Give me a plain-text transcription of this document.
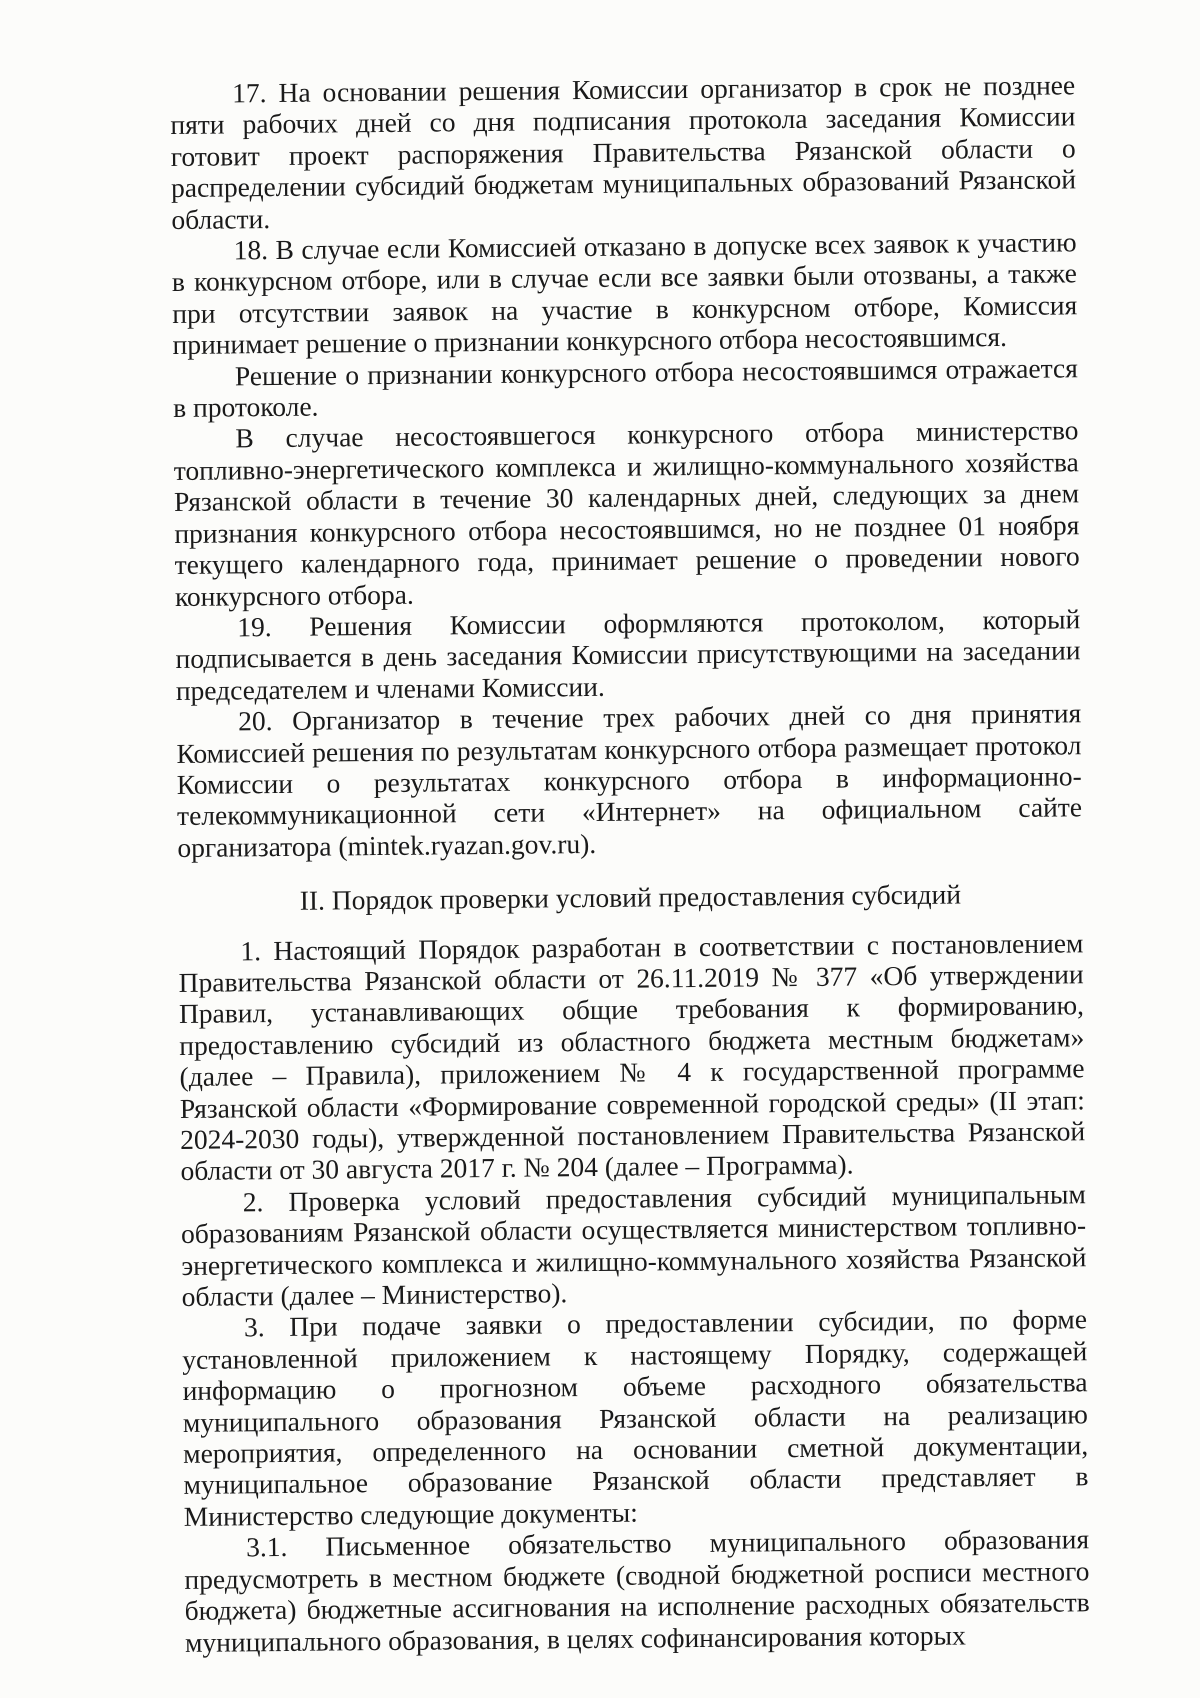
17. На основании решения Комиссии организатор в срок не позднее пяти рабочих дней со дня подписания протокола заседания Комиссии готовит проект распоряжения Правительства Рязанской области о распределении субсидий бюджетам муниципальных образований Рязанской области.

18. В случае если Комиссией отказано в допуске всех заявок к участию в конкурсном отборе, или в случае если все заявки были отозваны, а также при отсутствии заявок на участие в конкурсном отборе, Комиссия принимает решение о признании конкурсного отбора несостоявшимся.

Решение о признании конкурсного отбора несостоявшимся отражается в протоколе.

В случае несостоявшегося конкурсного отбора министерство топливно-энергетического комплекса и жилищно-коммунального хозяйства Рязанской области в течение 30 календарных дней, следующих за днем признания конкурсного отбора несостоявшимся, но не позднее 01 ноября текущего календарного года, принимает решение о проведении нового конкурсного отбора.

19. Решения Комиссии оформляются протоколом, который подписывается в день заседания Комиссии присутствующими на заседании председателем и членами Комиссии.

20. Организатор в течение трех рабочих дней со дня принятия Комиссией решения по результатам конкурсного отбора размещает протокол Комиссии о результатах конкурсного отбора в информационно-телекоммуникационной сети «Интернет» на официальном сайте организатора (mintek.ryazan.gov.ru).

II. Порядок проверки условий предоставления субсидий

1. Настоящий Порядок разработан в соответствии с постановлением Правительства Рязанской области от 26.11.2019 № 377 «Об утверждении Правил, устанавливающих общие требования к формированию, предоставлению субсидий из областного бюджета местным бюджетам» (далее – Правила), приложением № 4 к государственной программе Рязанской области «Формирование современной городской среды» (II этап: 2024-2030 годы), утвержденной постановлением Правительства Рязанской области от 30 августа 2017 г. № 204 (далее – Программа).

2. Проверка условий предоставления субсидий муниципальным образованиям Рязанской области осуществляется министерством топливно-энергетического комплекса и жилищно-коммунального хозяйства Рязанской области (далее – Министерство).

3. При подаче заявки о предоставлении субсидии, по форме установленной приложением к настоящему Порядку, содержащей информацию о прогнозном объеме расходного обязательства муниципального образования Рязанской области на реализацию мероприятия, определенного на основании сметной документации, муниципальное образование Рязанской области представляет в Министерство следующие документы:

3.1. Письменное обязательство муниципального образования предусмотреть в местном бюджете (сводной бюджетной росписи местного бюджета) бюджетные ассигнования на исполнение расходных обязательств муниципального образования, в целях софинансирования которых
